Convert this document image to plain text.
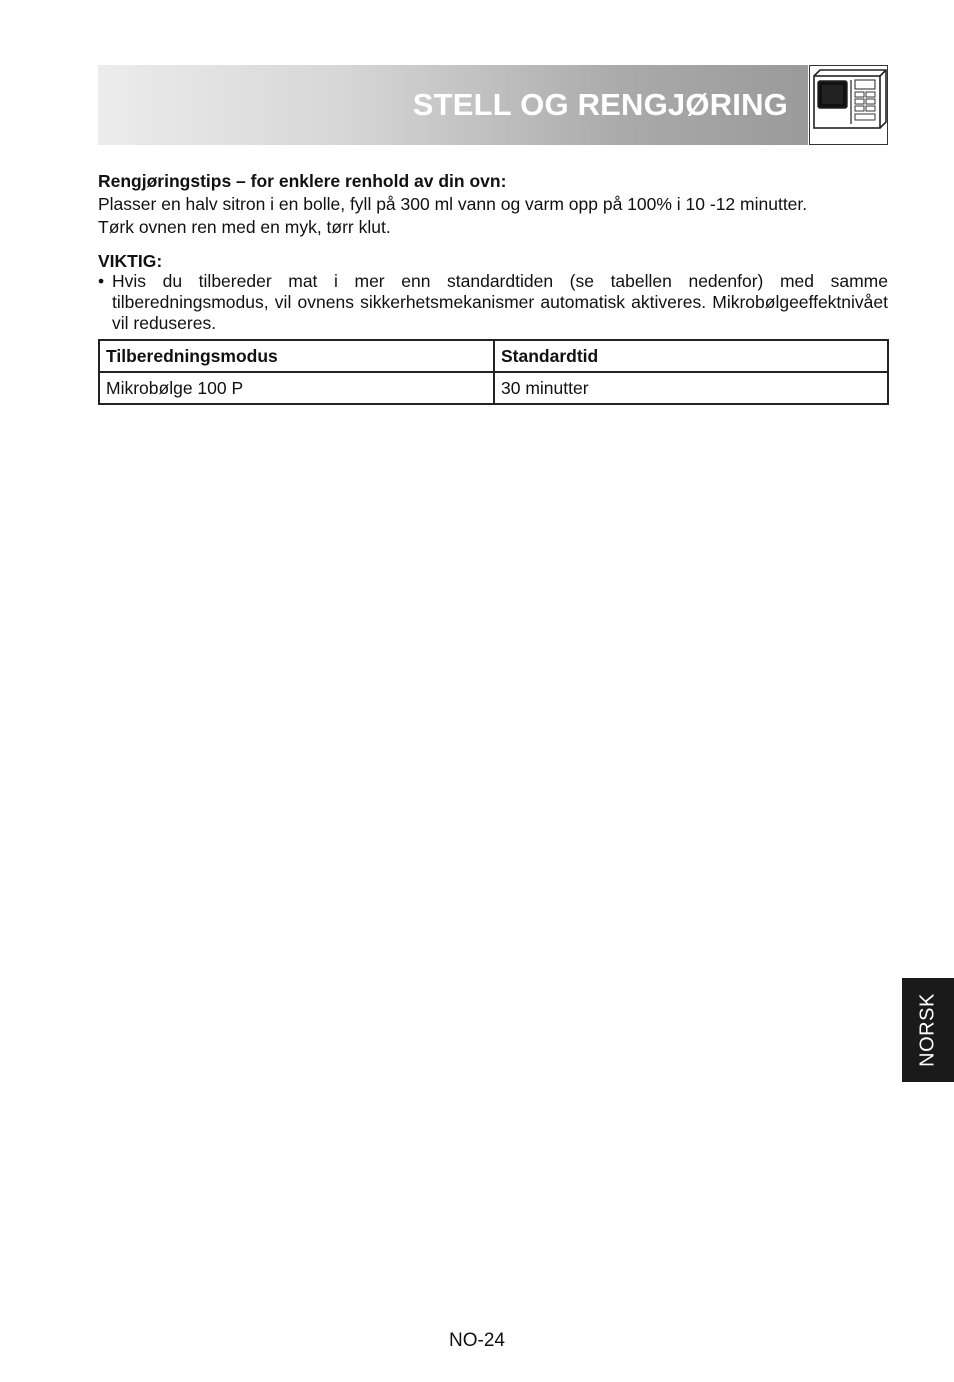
STELL OG RENGJØRING

Rengjøringstips – for enklere renhold av din ovn:

Plasser en halv sitron i en bolle, fyll på 300 ml vann og varm opp på 100% i 10 -12 minutter.

Tørk ovnen ren med en myk, tørr klut.

VIKTIG:

• Hvis du tilbereder mat i mer enn standardtiden (se tabellen nedenfor) med samme tilberedningsmodus, vil ovnens sikkerhetsmekanismer automatisk aktiveres. Mikrobølgeeffektnivået vil reduseres.
Tilberedningsmodus	Standardtid
Mikrobølge 100 P	30 minutter
NORSK
NO-24
